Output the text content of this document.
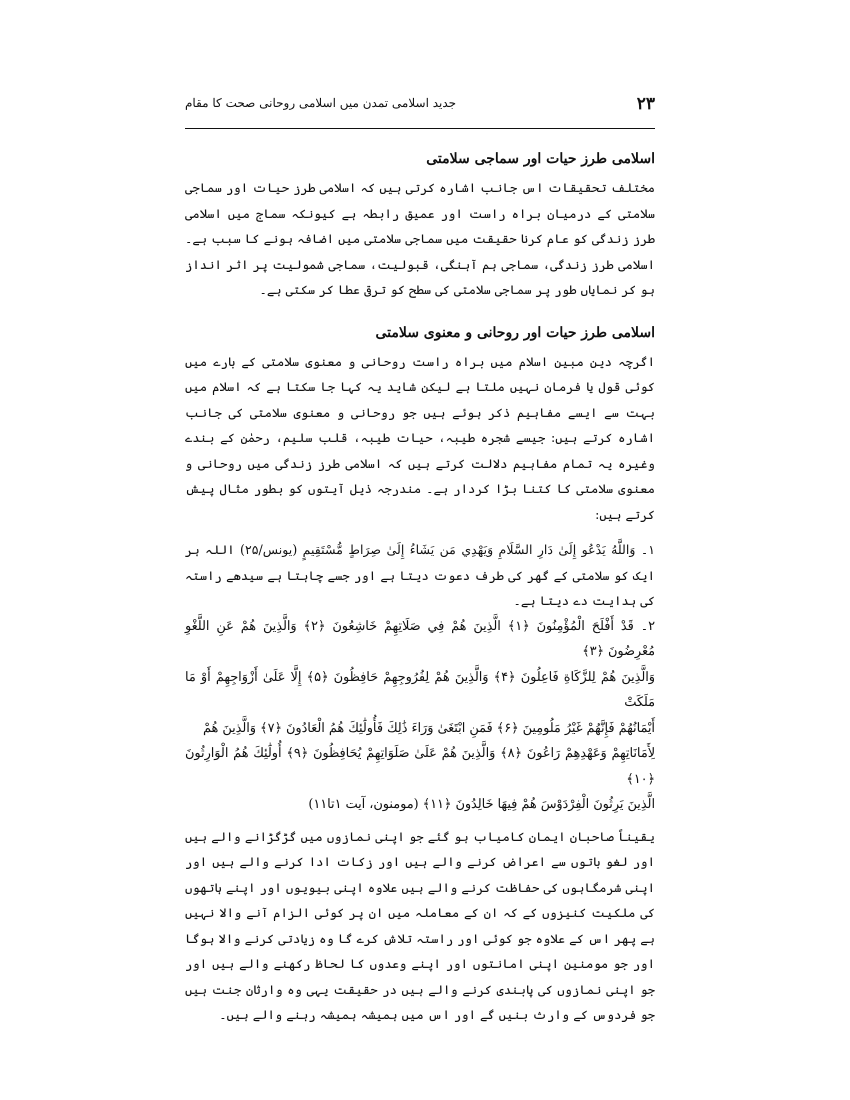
۲۳
جدید اسلامی تمدن میں اسلامی روحانی صحت کا مقام
اسلامی طرز حیات اور سماجی سلامتی

مختلف تحقیقات اس جانب اشارہ کرتی ہیں کہ اسلامی طرز حیات اور سماجی سلامتی کے درمیان براہ راست اور عمیق رابطہ ہے کیونکہ سماج میں اسلامی طرز زندگی کو عام کرنا حقیقت میں سماجی سلامتی میں اضافہ ہونے کا سبب ہے۔ اسلامی طرز زندگی، سماجی ہم آہنگی، قبولیت، سماجی شمولیت پر اثر انداز ہو کر نمایاں طور پر سماجی سلامتی کی سطح کو ترقی عطا کر سکتی ہے۔

اسلامی طرز حیات اور روحانی و معنوی سلامتی

اگرچہ دین مبین اسلام میں براہ راست روحانی و معنوی سلامتی کے بارے میں کوئی قول یا فرمان نہیں ملتا ہے لیکن شاید یہ کہا جا سکتا ہے کہ اسلام میں بہت سے ایسے مفاہیم ذکر ہوئے ہیں جو روحانی و معنوی سلامتی کی جانب اشارہ کرتے ہیں: جیسے شجرہ طیبہ، حیات طیبہ، قلب سلیم، رحمٰن کے بندے وغیرہ یہ تمام مفاہیم دلالت کرتے ہیں کہ اسلامی طرز زندگی میں روحانی و معنوی سلامتی کا کتنا بڑا کردار ہے۔ مندرجہ ذیل آیتوں کو بطور مثال پیش کرتے ہیں:

۱۔ وَاللَّهُ يَدْعُو إِلَىٰ دَارِ السَّلَامِ وَيَهْدِي مَن يَشَاءُ إِلَىٰ صِرَاطٍ مُّسْتَقِيمٍ (یونس/۲۵) اللہ ہر ایک کو سلامتی کے گھر کی طرف دعوت دیتا ہے اور جسے چاہتا ہے سیدھے راستہ کی ہدایت دے دیتا ہے۔

۲۔ قَدْ أَفْلَحَ الْمُؤْمِنُونَ ﴿۱﴾ الَّذِينَ هُمْ فِي صَلَاتِهِمْ خَاشِعُونَ ﴿۲﴾ وَالَّذِينَ هُمْ عَنِ اللَّغْوِ مُعْرِضُونَ ﴿۳﴾

وَالَّذِينَ هُمْ لِلزَّكَاةِ فَاعِلُونَ ﴿۴﴾ وَالَّذِينَ هُمْ لِفُرُوجِهِمْ حَافِظُونَ ﴿۵﴾ إِلَّا عَلَىٰ أَزْوَاجِهِمْ أَوْ مَا مَلَكَتْ

أَيْمَانُهُمْ فَإِنَّهُمْ غَيْرُ مَلُومِينَ ﴿۶﴾ فَمَنِ ابْتَغَىٰ وَرَاءَ ذَٰلِكَ فَأُولَٰئِكَ هُمُ الْعَادُونَ ﴿۷﴾ وَالَّذِينَ هُمْ

لِأَمَانَاتِهِمْ وَعَهْدِهِمْ رَاعُونَ ﴿۸﴾ وَالَّذِينَ هُمْ عَلَىٰ صَلَوَاتِهِمْ يُحَافِظُونَ ﴿۹﴾ أُولَٰئِكَ هُمُ الْوَارِثُونَ ﴿۱۰﴾

الَّذِينَ يَرِثُونَ الْفِرْدَوْسَ هُمْ فِيهَا خَالِدُونَ ﴿۱۱﴾ (مومنون، آیت ۱تا۱۱)

یقیناً صاحبان ایمان کامیاب ہو گئے جو اپنی نمازوں میں گڑگڑانے والے ہیں اور لغو باتوں سے اعراض کرنے والے ہیں اور زکات ادا کرنے والے ہیں اور اپنی شرمگاہوں کی حفاظت کرنے والے ہیں علاوہ اپنی بیویوں اور اپنے ہاتھوں کی ملکیت کنیزوں کے کہ ان کے معاملہ میں ان پر کوئی الزام آنے والا نہیں ہے پھر اس کے علاوہ جو کوئی اور راستہ تلاش کرے گا وہ زیادتی کرنے والا ہوگا اور جو مومنین اپنی امانتوں اور اپنے وعدوں کا لحاظ رکھنے والے ہیں اور جو اپنی نمازوں کی پابندی کرنے والے ہیں در حقیقت یہی وہ وارثان جنت ہیں جو فردوس کے وارث بنیں گے اور اس میں ہمیشہ ہمیشہ رہنے والے ہیں۔
